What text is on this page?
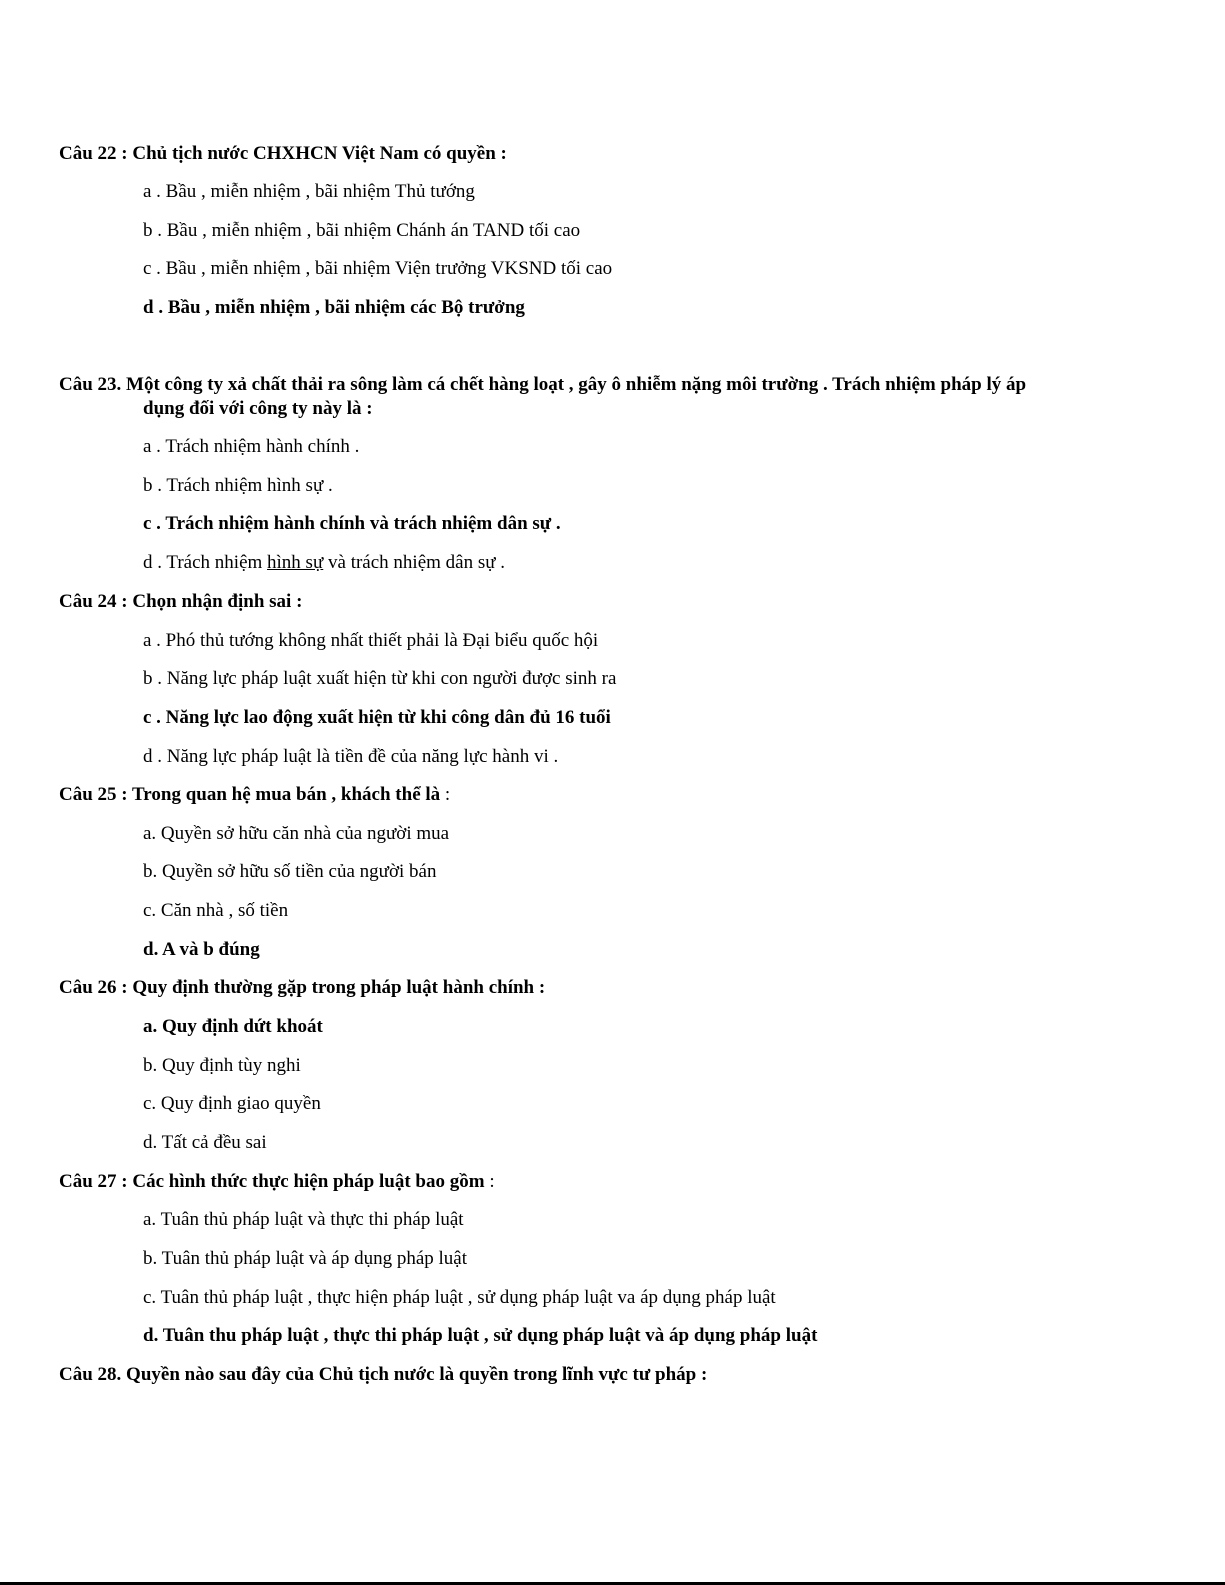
Câu 22 : Chủ tịch nước CHXHCN Việt Nam có quyền :
a . Bầu , miễn nhiệm , bãi nhiệm Thủ tướng
b . Bầu , miễn nhiệm , bãi nhiệm Chánh án TAND tối cao
c . Bầu , miễn nhiệm , bãi nhiệm Viện trưởng VKSND tối cao
d . Bầu , miễn nhiệm , bãi nhiệm các Bộ trưởng
Câu 23. Một công ty xả chất thải ra sông làm cá chết hàng loạt , gây ô nhiễm nặng môi trường . Trách nhiệm pháp lý áp
dụng đối với công ty này là :
a . Trách nhiệm hành chính .
b . Trách nhiệm hình sự .
c . Trách nhiệm hành chính và trách nhiệm dân sự .
d . Trách nhiệm hình sự và trách nhiệm dân sự .
Câu 24 : Chọn nhận định sai :
a . Phó thủ tướng không nhất thiết phải là Đại biểu quốc hội
b . Năng lực pháp luật xuất hiện từ khi con người được sinh ra
c . Năng lực lao động xuất hiện từ khi công dân đủ 16 tuổi
d . Năng lực pháp luật là tiền đề của năng lực hành vi .
Câu 25 : Trong quan hệ mua bán , khách thể là :
a. Quyền sở hữu căn nhà của người mua
b. Quyền sở hữu số tiền của người bán
c. Căn nhà , số tiền
d. A và b đúng
Câu 26 : Quy định thường gặp trong pháp luật hành chính :
a. Quy định dứt khoát
b. Quy định tùy nghi
c. Quy định giao quyền
d. Tất cả đều sai
Câu 27 : Các hình thức thực hiện pháp luật bao gồm :
a. Tuân thủ pháp luật và thực thi pháp luật
b. Tuân thủ pháp luật và áp dụng pháp luật
c. Tuân thủ pháp luật , thực hiện pháp luật , sử dụng pháp luật va áp dụng pháp luật
d. Tuân thu pháp luật , thực thi pháp luật , sử dụng pháp luật và áp dụng pháp luật
Câu 28. Quyền nào sau đây của Chủ tịch nước là quyền trong lĩnh vực tư pháp :
